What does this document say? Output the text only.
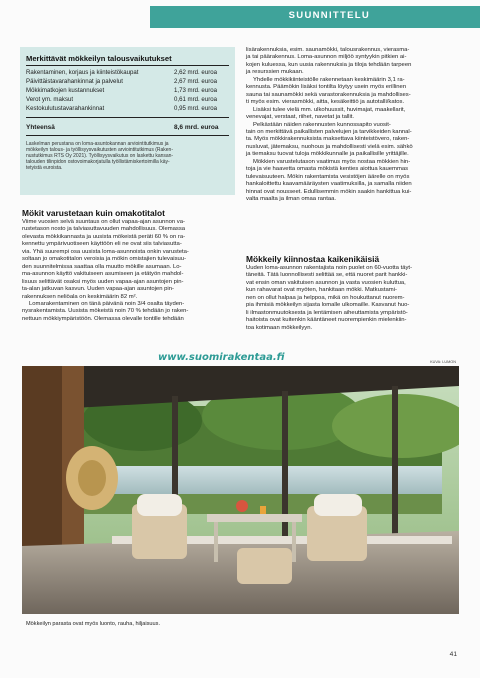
SUUNNITTELU
Merkittävät mökkeilyn talousvaikutukset
Rakentaminen, korjaus ja kiinteistökaupat	2,62 mrd. euroa
Päivittäistavarahankinnat ja palvelut	2,67 mrd. euroa
Mökkimatkojen kustannukset	1,73 mrd. euroa
Verot ym. maksut	0,61 mrd. euroa
Kestokulutustavarahankinnat	0,95 mrd. euroa
Yhteensä	8,6 mrd. euroa
Laskelman perustana on loma-asuntokannan arviointitutkimus ja
mökkeilyn talous- ja työllisyysvaikutusten arviointitutkimus (Raken-
nustutkimus RTS Oy 2021). Työllisyysvaikutus on laskettu kansan-
talouden tilinpidon ostovoimakorjatulla työllistämiskertoimilla käy-
tetyistä euroista.
Mökit varustetaan kuin omakotitalot
Viime vuosien selvä suuntaus on ollut vapaa-ajan asunnon va-
rustetason nosto ja talviasuttavuuden mahdollisuus. Olemassa
olevasta mökkikannasta ja uusista mökeistä peräti 60 % on ra-
kennettu ympärivuotiseen käyttöön eli ne ovat siis talviasutta-
via. Yhä suurempi osa uusista loma-asunnoista onkin varusteta-
soltaan jo omakotitalon veroisia ja mökin omistajien tulevaisuu-
den suunnitelmissa saattaa olla muutto mökille asumaan. Lo-
ma-asunnon käyttö vakituiseen asumiseen ja etätyön mahdol-
lisuus selittävät osaksi myös uuden vapaa-ajan asuntojen pin-
ta-alan jatkuvan kasvun. Uuden vapaa-ajan asuntojen pin-
rakennuksen neliöala on keskimäärin 82 m².
Lomarakentaminen on tänä päivänä noin 3/4 osalta täyden-
nysrakentamista. Uusista mökeistä noin 70 % tehdään jo raken-
nettuun mökkiympäristöön. Olemassa olevalle tontille tehdään
lisärakennuksia, esim. saunamökki, talousrakennus, vierasma-
ja tai päärakennus. Loma-asunnon miljöö syntyykin pitkien ai-
kojen kuluessa, kun uusia rakennuksia ja tiloja tehdään tarpeen
ja resurssien mukaan.
Yhdelle mökkikiinteistölle rakennetaan keskimäärin 3,1 ra-
kennusta. Päämökin lisäksi tontilta löytyy usein myös erillinen
sauna tai saunamökki sekä varastorakennuksia ja mahdollises-
ti myös esim. vierasmökki, aitta, kesäkeittiö ja autotalli/katos.
Lisäksi tulee vielä mm. ulkohuussit, huvimajat, maakellarit,
venevajat, verstaat, riihet, navetat ja tallit.
Pelkästään näiden rakennusten kunnossapito vuosit-
tain on merkittävä paikallisten palvelujen ja tarvikkeiden kannal-
ta. Myös mökkirakennuksista maksettava kiinteistövero, raken-
nusluvat, jätemaksu, nuohous ja mahdollisesti vielä esim. sähkö
ja tiemaksu tuovat tuloja mökkikunnalle ja paikallisille yrittäjille.
Mökkien varustelutason vaatimus myös nostaa mökkien hin-
toja ja vie haavetta omasta mökistä kenties aiottua kauemmas
tulevaisuuteen. Mökin rakentamista vesistöjen äärelle on myös
hankaloittettu kaavamääräysten vaatimuksilla, ja samalla niiden
hinnat ovat nousseet. Edullisemmin mökin saakin hankittua kui-
valta maalta ja ilman omaa rantaa.
Mökkeily kiinnostaa kaikenikäisiä
Uuden loma-asunnon rakentajista noin puolet on 60-vuotta täyt-
täneitä. Tätä luonnollisesti selittää se, että nuoret parit hankki-
vat ensin oman vakituisen asunnon ja vasta vuosien kuluttua,
kun rahavarat ovat myöten, hankitaan mökki. Matkustami-
nen on ollut halpaa ja helppoa, mikä on houkuttanut nuorem-
pia ihmisiä mökkeilyn sijasta lomalle ulkomaille. Kasvanut huo-
li ilmastonmuutoksesta ja lentämisen aiheuttamista ympäristö-
haitoista ovat kuitenkin kääntäneet nuorempienkin mielenkiin-
toa kotimaan mökkeilyyn.
www.suomirakentaa.fi	KUVA: LUMON
Mökkeilyn parasta ovat myös luonto, rauha, hiljaisuus.
41
